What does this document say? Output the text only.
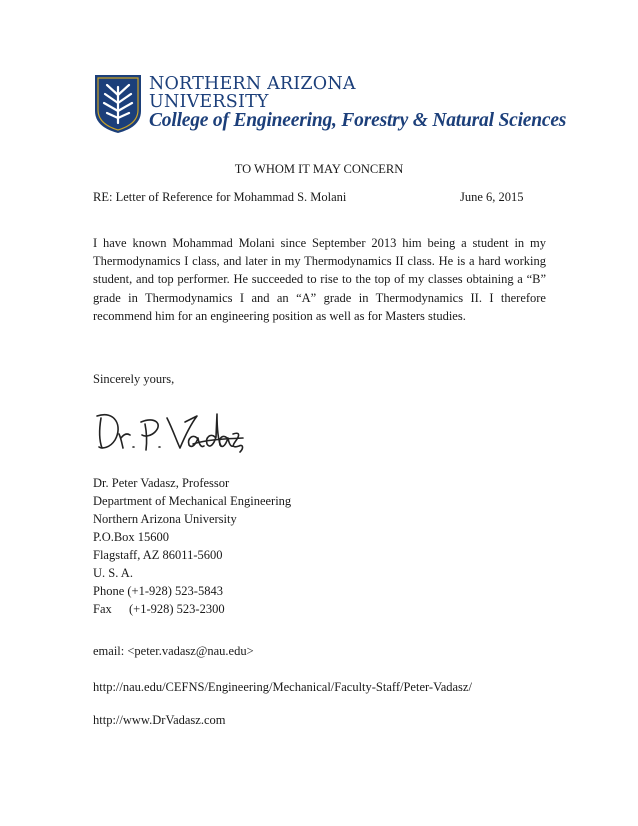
NORTHERN ARIZONA
UNIVERSITY
College of Engineering, Forestry & Natural Sciences
TO WHOM IT MAY CONCERN
RE: Letter of Reference for Mohammad S. Molani	June 6, 2015
I have known Mohammad Molani since September 2013 him being a student in my Thermodynamics I class, and later in my Thermodynamics II class. He is a hard working student, and top performer. He succeeded to rise to the top of my classes obtaining a “B” grade in Thermodynamics I and an “A” grade in Thermodynamics II. I therefore recommend him for an engineering position as well as for Masters studies.
Sincerely yours,
Dr. Peter Vadasz, Professor
Department of Mechanical Engineering
Northern Arizona University
P.O.Box 15600
Flagstaff, AZ 86011-5600
U. S. A.
Phone (+1-928) 523-5843
Fax (+1-928) 523-2300
email: <peter.vadasz@nau.edu>
http://nau.edu/CEFNS/Engineering/Mechanical/Faculty-Staff/Peter-Vadasz/
http://www.DrVadasz.com
